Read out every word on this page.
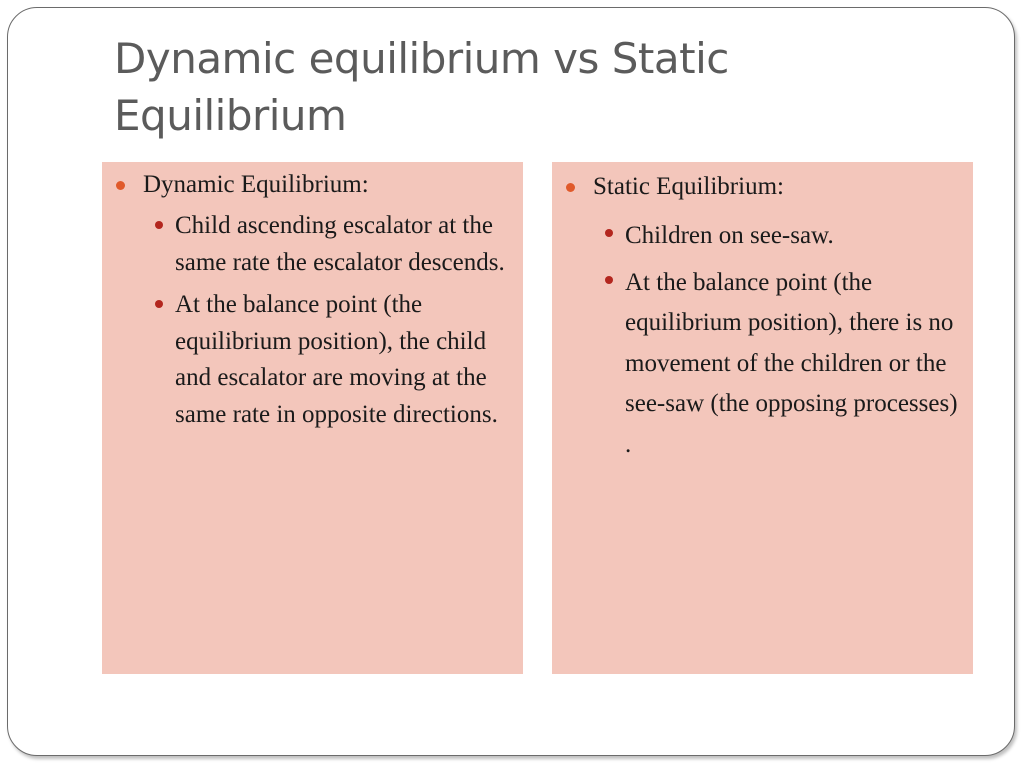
Dynamic equilibrium vs Static Equilibrium
Dynamic Equilibrium:
Child ascending escalator at the same rate the escalator descends.
At the balance point (the equilibrium position), the child and escalator are moving at the same rate in opposite directions.
Static Equilibrium:
Children on see-saw.
At the balance point (the equilibrium position), there is no movement of the children or the see-saw (the opposing processes) .
